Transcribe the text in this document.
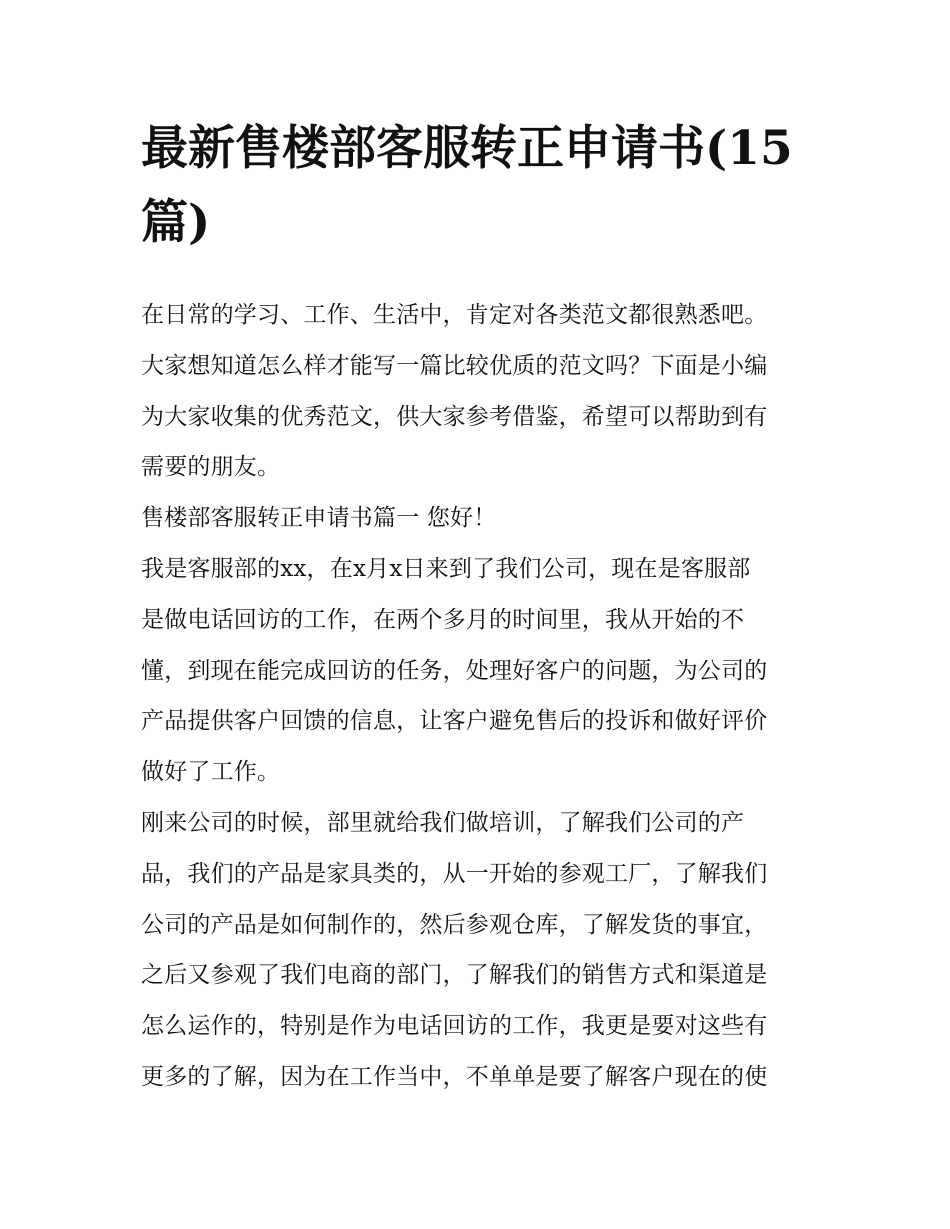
最新售楼部客服转正申请书(15
篇)

在日常的学习、工作、生活中，肯定对各类范文都很熟悉吧。
大家想知道怎么样才能写一篇比较优质的范文吗？下面是小编
为大家收集的优秀范文，供大家参考借鉴，希望可以帮助到有
需要的朋友。

售楼部客服转正申请书篇一 您好！

我是客服部的xx，在x月x日来到了我们公司，现在是客服部
是做电话回访的工作，在两个多月的时间里，我从开始的不
懂，到现在能完成回访的任务，处理好客户的问题，为公司的
产品提供客户回馈的信息，让客户避免售后的投诉和做好评价
做好了工作。

刚来公司的时候，部里就给我们做培训，了解我们公司的产
品，我们的产品是家具类的，从一开始的参观工厂，了解我们
公司的产品是如何制作的，然后参观仓库，了解发货的事宜，
之后又参观了我们电商的部门，了解我们的销售方式和渠道是
怎么运作的，特别是作为电话回访的工作，我更是要对这些有
更多的了解，因为在工作当中，不单单是要了解客户现在的使
